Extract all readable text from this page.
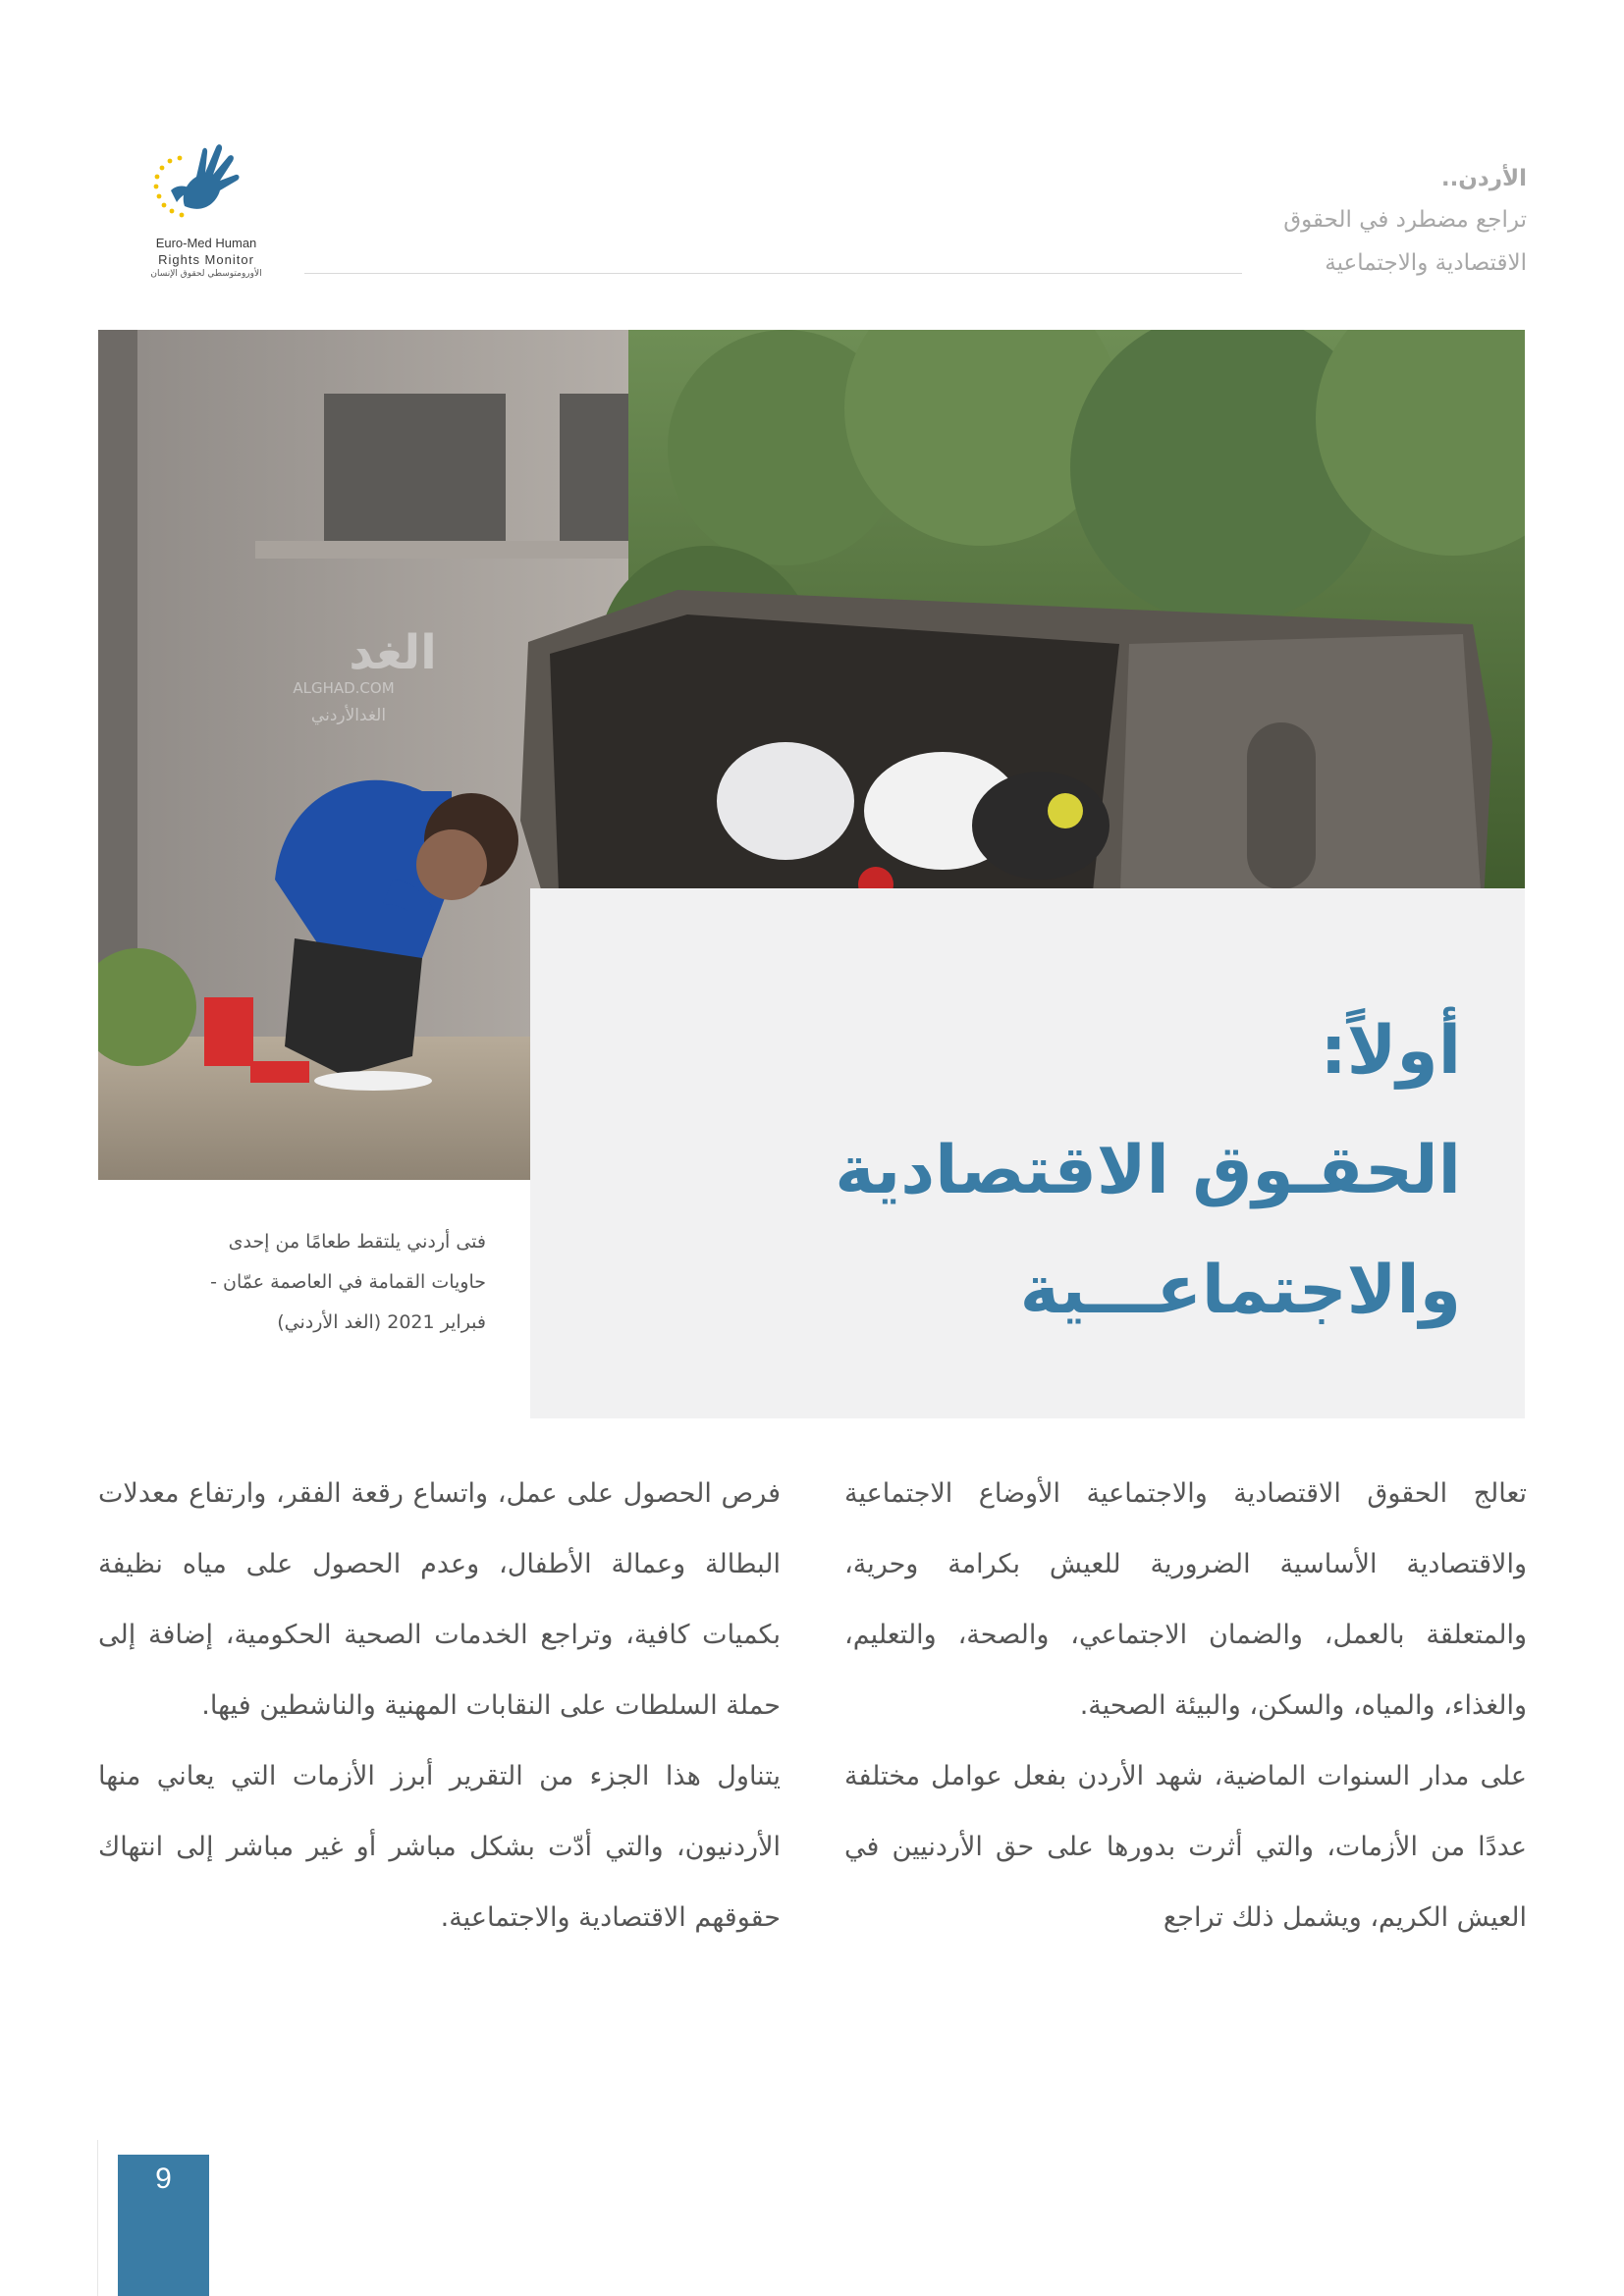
Euro-Med Human
Rights Monitor
الأورومتوسطي لحقوق الإنسان
الأردن..
تراجع مضطرد في الحقوق
الاقتصادية والاجتماعية
الغد
ALGHAD.COM
الغدالأردني
أولاً:
الحقـوق الاقتصادية
والاجتماعـــية
فتى أردني يلتقط طعامًا من إحدى
حاويات القمامة في العاصمة عمّان -
فبراير 2021 (الغد الأردني)

تعالج الحقوق الاقتصادية والاجتماعية الأوضاع الاجتماعية والاقتصادية الأساسية الضرورية للعيش بكرامة وحرية، والمتعلقة بالعمل، والضمان الاجتماعي، والصحة، والتعليم، والغذاء، والمياه، والسكن، والبيئة الصحية.

على مدار السنوات الماضية، شهد الأردن بفعل عوامل مختلفة عددًا من الأزمات، والتي أثرت بدورها على حق الأردنيين في العيش الكريم، ويشمل ذلك تراجع

فرص الحصول على عمل، واتساع رقعة الفقر، وارتفاع معدلات البطالة وعمالة الأطفال، وعدم الحصول على مياه نظيفة بكميات كافية، وتراجع الخدمات الصحية الحكومية، إضافة إلى حملة السلطات على النقابات المهنية والناشطين فيها.

يتناول هذا الجزء من التقرير أبرز الأزمات التي يعاني منها الأردنيون، والتي أدّت بشكل مباشر أو غير مباشر إلى انتهاك حقوقهم الاقتصادية والاجتماعية.

9
